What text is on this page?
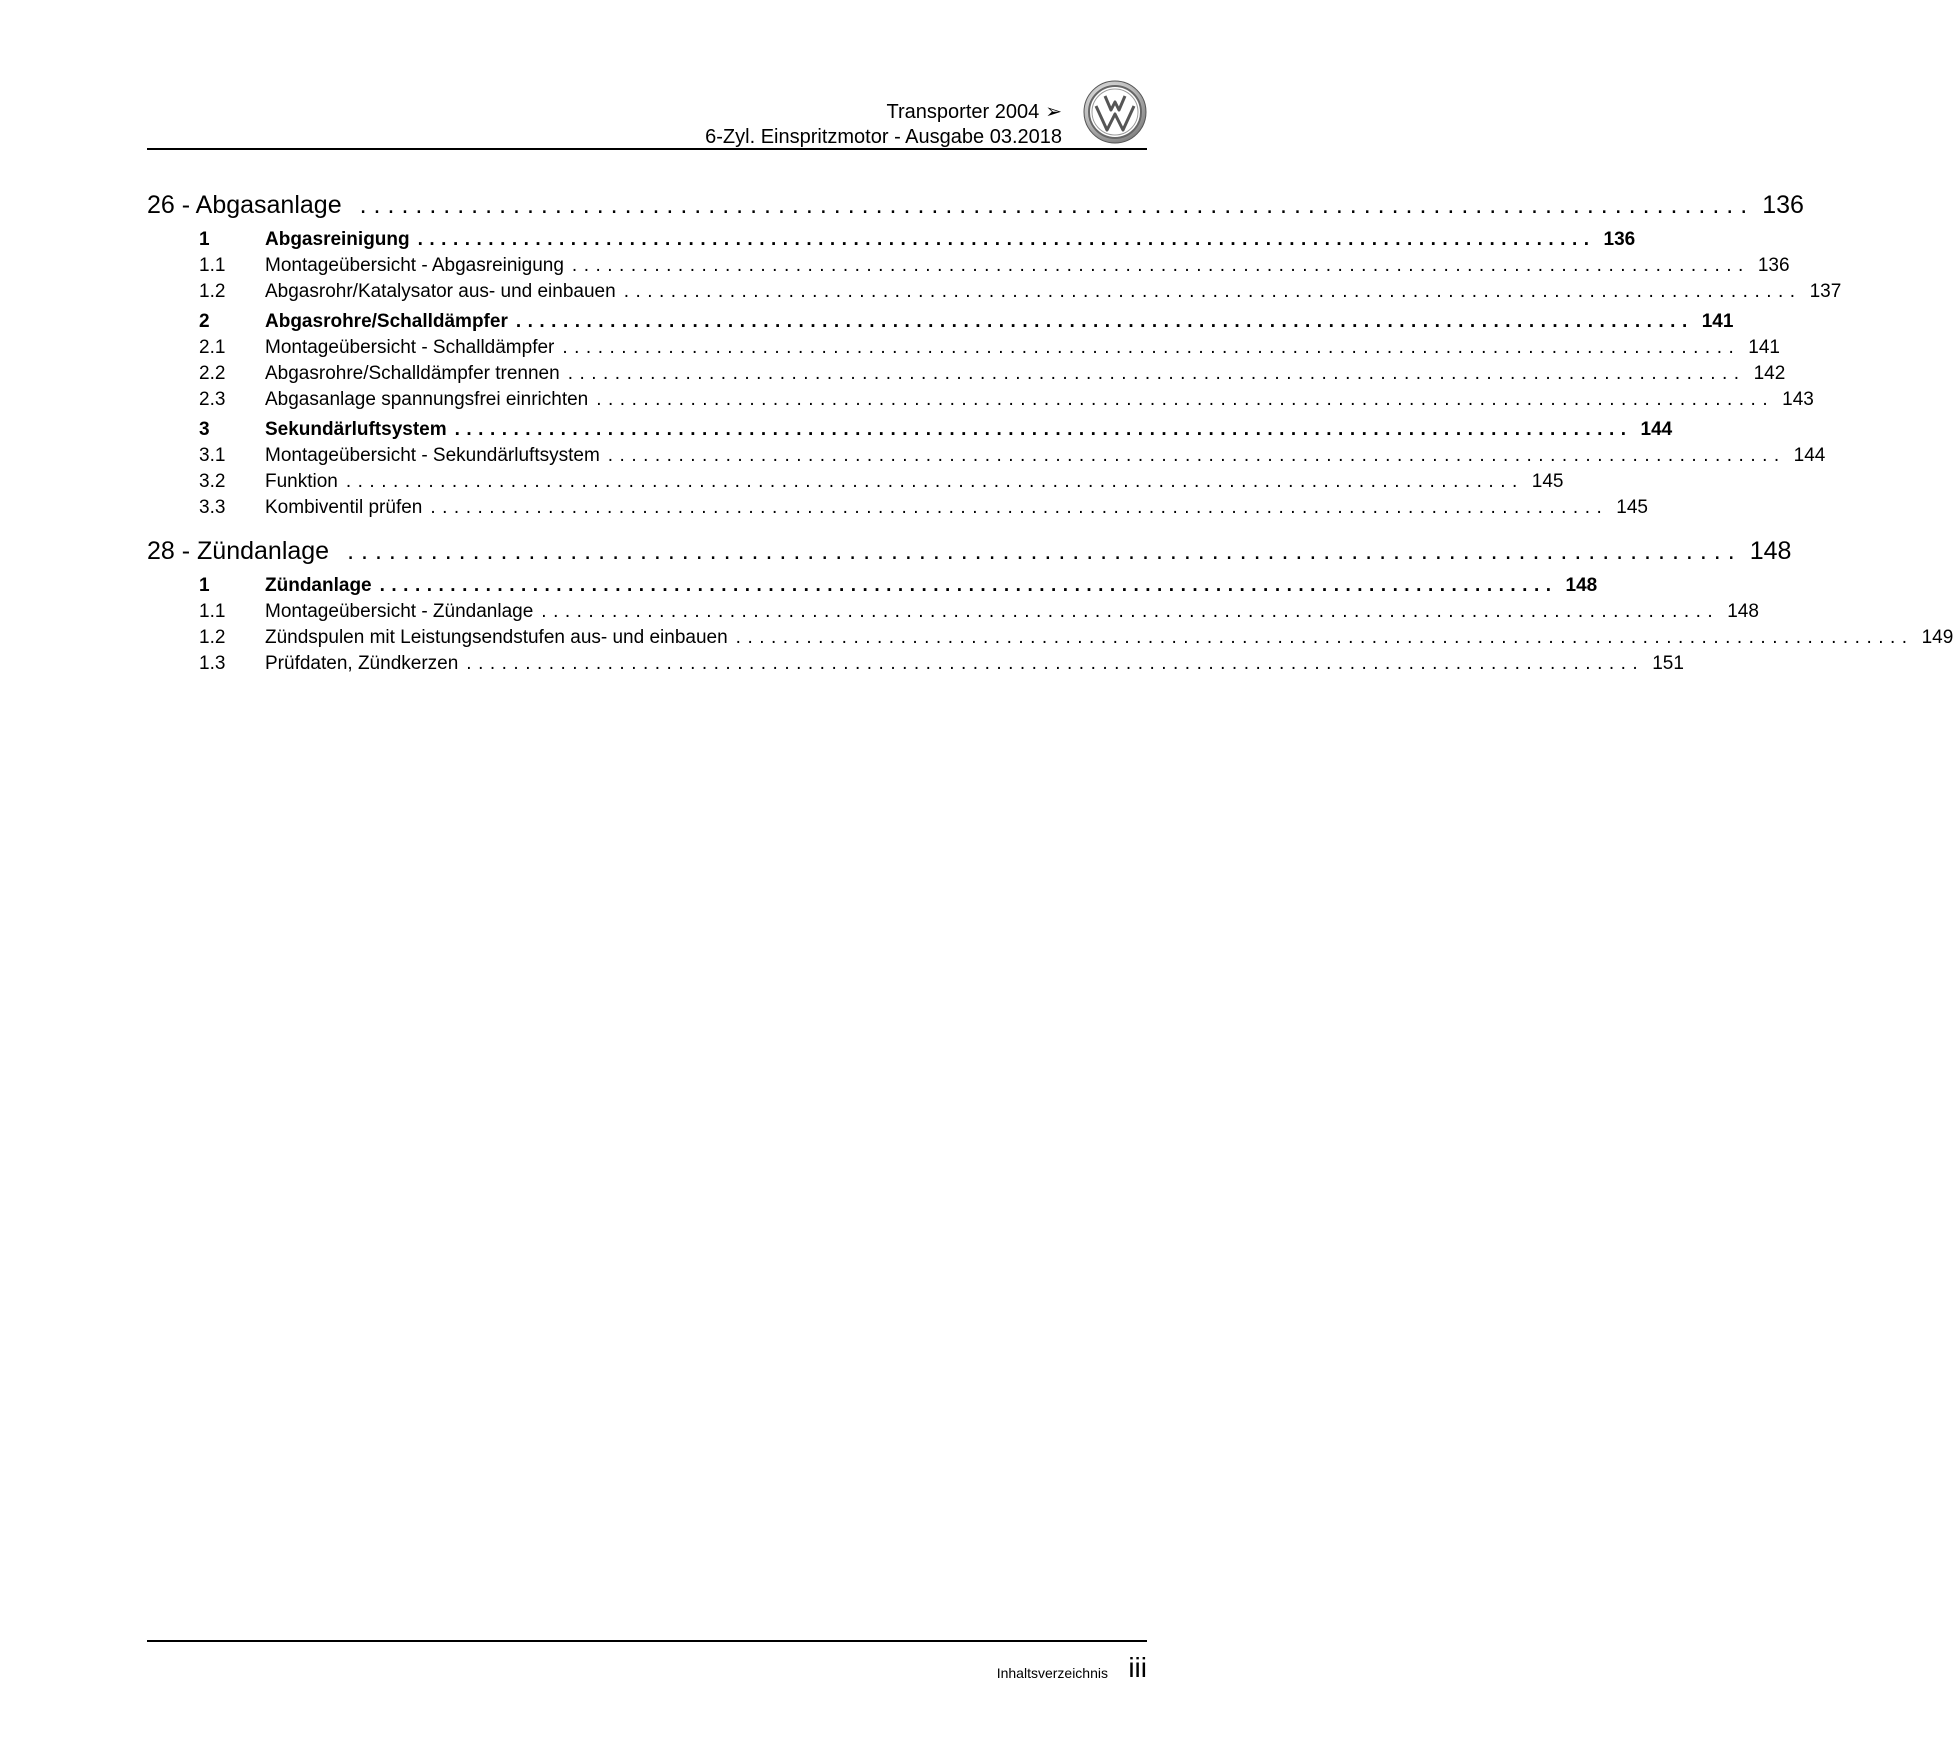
Transporter 2004 ➢
6-Zyl. Einspritzmotor - Ausgabe 03.2018
26 - Abgasanlage .................................................................................................... 136
1	Abgasreinigung .................................................................................................... 136
1.1	Montageübersicht - Abgasreinigung .................................................................................................... 136
1.2	Abgasrohr/Katalysator aus- und einbauen .................................................................................................... 137
2	Abgasrohre/Schalldämpfer .................................................................................................... 141
2.1	Montageübersicht - Schalldämpfer .................................................................................................... 141
2.2	Abgasrohre/Schalldämpfer trennen .................................................................................................... 142
2.3	Abgasanlage spannungsfrei einrichten .................................................................................................... 143
3	Sekundärluftsystem .................................................................................................... 144
3.1	Montageübersicht - Sekundärluftsystem .................................................................................................... 144
3.2	Funktion .................................................................................................... 145
3.3	Kombiventil prüfen .................................................................................................... 145
28 - Zündanlage .................................................................................................... 148
1	Zündanlage .................................................................................................... 148
1.1	Montageübersicht - Zündanlage .................................................................................................... 148
1.2	Zündspulen mit Leistungsendstufen aus- und einbauen .................................................................................................... 149
1.3	Prüfdaten, Zündkerzen .................................................................................................... 151
Inhaltsverzeichnis iii
